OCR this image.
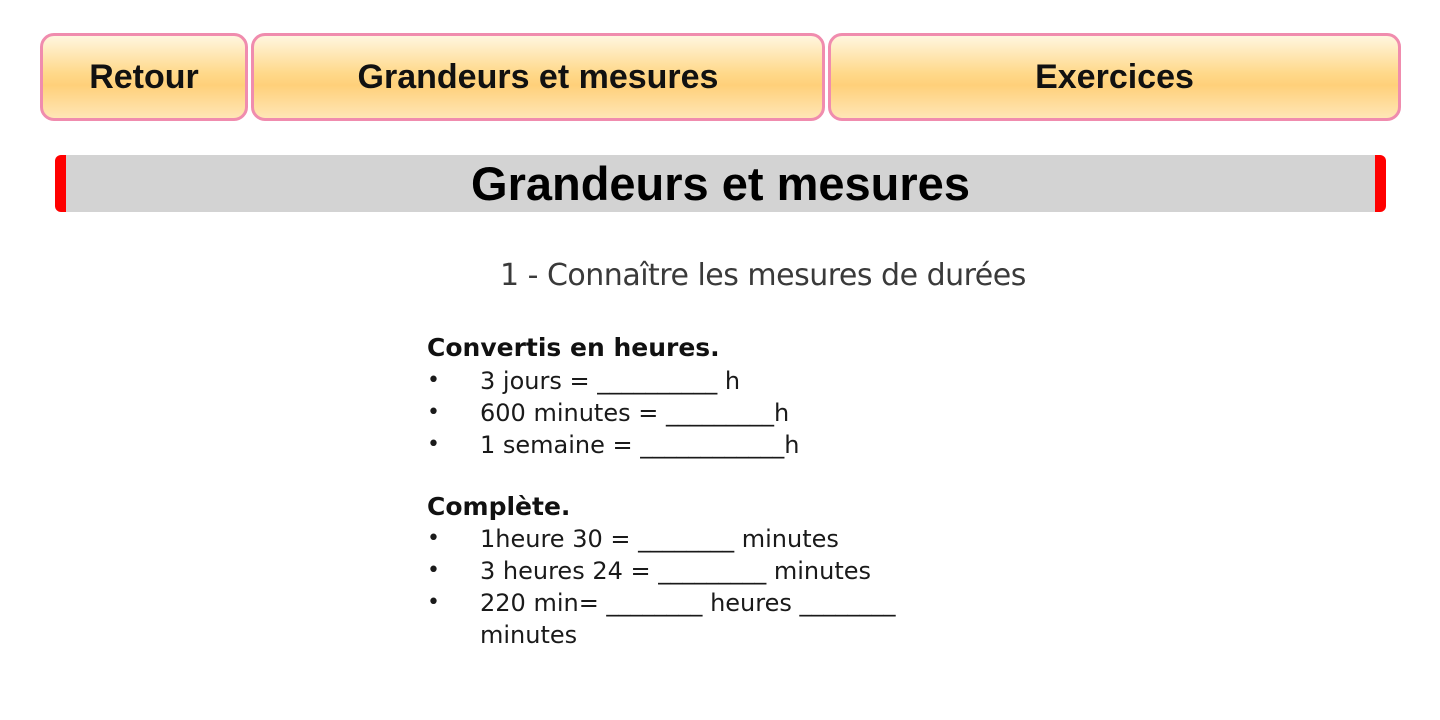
Retour	Grandeurs et mesures	Exercices
Grandeurs et mesures
1 - Connaître les mesures de durées
Convertis en heures.
• 3 jours = __________ h
• 600 minutes = _________h
• 1 semaine = ____________h
Complète.
• 1heure 30 = ________ minutes
• 3 heures 24 = _________ minutes
• 220 min= ________ heures ________ minutes
